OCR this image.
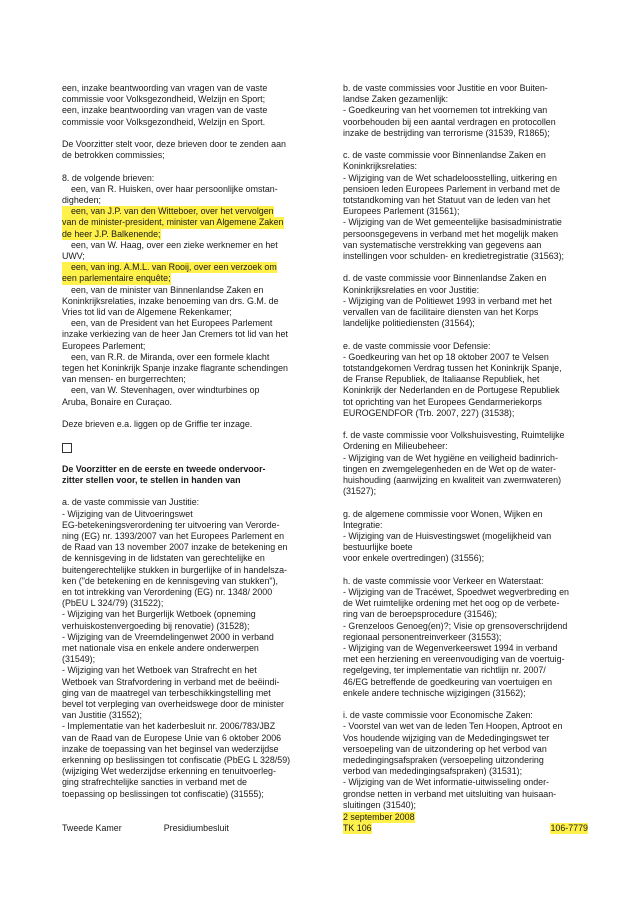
een, inzake beantwoording van vragen van de vaste
commissie voor Volksgezondheid, Welzijn en Sport;
een, inzake beantwoording van vragen van de vaste
commissie voor Volksgezondheid, Welzijn en Sport.
De Voorzitter stelt voor, deze brieven door te zenden aan
de betrokken commissies;
8. de volgende brieven:
een, van R. Huisken, over haar persoonlijke omstan-
digheden;
een, van J.P. van den Witteboer, over het vervolgen
van de minister-president, minister van Algemene Zaken
de heer J.P. Balkenende;
een, van W. Haag, over een zieke werknemer en het
UWV;
een, van ing. A.M.L. van Rooij, over een verzoek om
een parlementaire enquête;
een, van de minister van Binnenlandse Zaken en
Koninkrijksrelaties, inzake benoeming van drs. G.M. de
Vries tot lid van de Algemene Rekenkamer;
een, van de President van het Europees Parlement
inzake verkiezing van de heer Jan Cremers tot lid van het
Europees Parlement;
een, van R.R. de Miranda, over een formele klacht
tegen het Koninkrijk Spanje inzake flagrante schendingen
van mensen- en burgerrechten;
een, van W. Stevenhagen, over windturbines op
Aruba, Bonaire en Curaçao.
Deze brieven e.a. liggen op de Griffie ter inzage.
De Voorzitter en de eerste en tweede ondervoor-
zitter stellen voor, te stellen in handen van
a. de vaste commissie van Justitie:
- Wijziging van de Uitvoeringswet
EG-betekeningsverordening ter uitvoering van Verorde-
ning (EG) nr. 1393/2007 van het Europees Parlement en
de Raad van 13 november 2007 inzake de betekening en
de kennisgeving in de lidstaten van gerechtelijke en
buitengerechtelijke stukken in burgerlijke of in handelsza-
ken ("de betekening en de kennisgeving van stukken"),
en tot intrekking van Verordening (EG) nr. 1348/ 2000
(PbEU L 324/79) (31522);
- Wijziging van het Burgerlijk Wetboek (opneming
verhuiskostenvergoeding bij renovatie) (31528);
- Wijziging van de Vreemdelingenwet 2000 in verband
met nationale visa en enkele andere onderwerpen
(31549);
- Wijziging van het Wetboek van Strafrecht en het
Wetboek van Strafvordering in verband met de beëindi-
ging van de maatregel van terbeschikkingstelling met
bevel tot verpleging van overheidswege door de minister
van Justitie (31552);
- Implementatie van het kaderbesluit nr. 2006/783/JBZ
van de Raad van de Europese Unie van 6 oktober 2006
inzake de toepassing van het beginsel van wederzijdse
erkenning op beslissingen tot confiscatie (PbEG L 328/59)
(wijziging Wet wederzijdse erkenning en tenuitvoerleg-
ging strafrechtelijke sancties in verband met de
toepassing op beslissingen tot confiscatie) (31555);
b. de vaste commissies voor Justitie en voor Buiten-
landse Zaken gezamenlijk:
- Goedkeuring van het voornemen tot intrekking van
voorbehouden bij een aantal verdragen en protocollen
inzake de bestrijding van terrorisme (31539, R1865);
c. de vaste commissie voor Binnenlandse Zaken en
Koninkrijksrelaties:
- Wijziging van de Wet schadeloosstelling, uitkering en
pensioen leden Europees Parlement in verband met de
totstandkoming van het Statuut van de leden van het
Europees Parlement (31561);
- Wijziging van de Wet gemeentelijke basisadministratie
persoonsgegevens in verband met het mogelijk maken
van systematische verstrekking van gegevens aan
instellingen voor schulden- en kredietregistratie (31563);
d. de vaste commissie voor Binnenlandse Zaken en
Koninkrijksrelaties en voor Justitie:
- Wijziging van de Politiewet 1993 in verband met het
vervallen van de facilitaire diensten van het Korps
landelijke politiediensten (31564);
e. de vaste commissie voor Defensie:
- Goedkeuring van het op 18 oktober 2007 te Velsen
totstandgekomen Verdrag tussen het Koninkrijk Spanje,
de Franse Republiek, de Italiaanse Republiek, het
Koninkrijk der Nederlanden en de Portugese Republiek
tot oprichting van het Europees Gendarmeriekorps
EUROGENDFOR (Trb. 2007, 227) (31538);
f. de vaste commissie voor Volkshuisvesting, Ruimtelijke
Ordening en Milieubeheer:
- Wijziging van de Wet hygiëne en veiligheid badinrich-
tingen en zwemgelegenheden en de Wet op de water-
huishouding (aanwijzing en kwaliteit van zwemwateren)
(31527);
g. de algemene commissie voor Wonen, Wijken en
Integratie:
- Wijziging van de Huisvestingswet (mogelijkheid van
bestuurlijke boete
voor enkele overtredingen) (31556);
h. de vaste commissie voor Verkeer en Waterstaat:
- Wijziging van de Tracéwet, Spoedwet wegverbreding en
de Wet ruimtelijke ordening met het oog op de verbete-
ring van de beroepsprocedure (31546);
- Grenzeloos Genoeg(en)?; Visie op grensoverschrijdend
regionaal personentreinverkeer (31553);
- Wijziging van de Wegenverkeerswet 1994 in verband
met een herziening en vereenvoudiging van de voertuig-
regelgeving, ter implementatie van richtlijn nr. 2007/
46/EG betreffende de goedkeuring van voertuigen en
enkele andere technische wijzigingen (31562);
i. de vaste commissie voor Economische Zaken:
- Voorstel van wet van de leden Ten Hoopen, Aptroot en
Vos houdende wijziging van de Mededingingswet ter
versoepeling van de uitzondering op het verbod van
mededingingsafspraken (versoepeling uitzondering
verbod van mededingingsafspraken) (31531);
- Wijziging van de Wet informatie-uitwisseling onder-
grondse netten in verband met uitsluiting van huisaan-
sluitingen (31540);
Tweede Kamer	Presidiumbesluit
2 september 2008
TK 106	106-7779
